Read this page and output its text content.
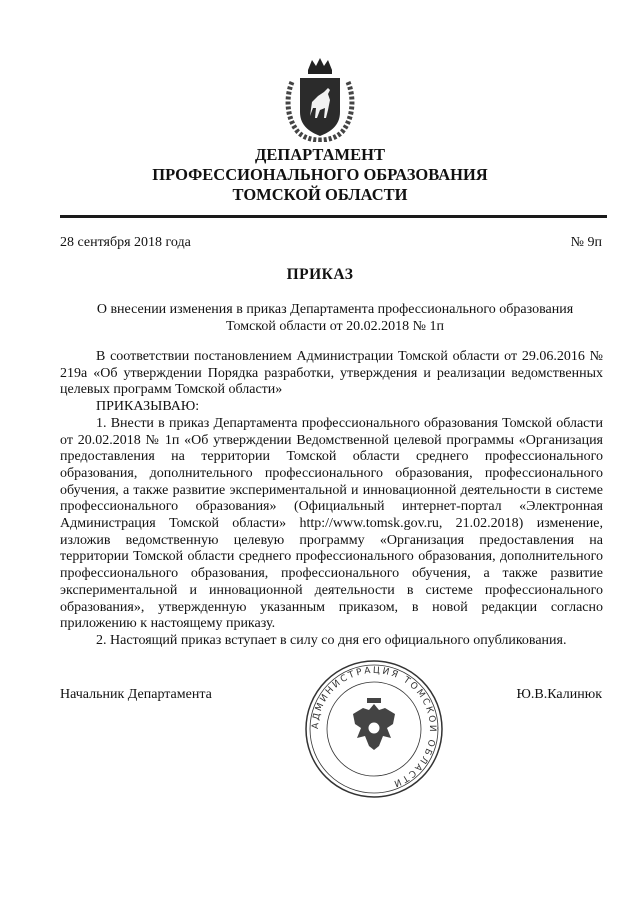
ДЕПАРТАМЕНТ
ПРОФЕССИОНАЛЬНОГО ОБРАЗОВАНИЯ
ТОМСКОЙ ОБЛАСТИ
28 сентября 2018 года	№ 9п
ПРИКАЗ
О внесении изменения в приказ Департамента профессионального образования
Томской области от 20.02.2018 № 1п

В соответствии постановлением Администрации Томской области от 29.06.2016 № 219а «Об утверждении Порядка разработки, утверждения и реализации ведомственных целевых программ Томской области»

ПРИКАЗЫВАЮ:

1. Внести в приказ Департамента профессионального образования Томской области от 20.02.2018 № 1п «Об утверждении Ведомственной целевой программы «Организация предоставления на территории Томской области среднего профессионального образования, дополнительного профессионального образования, профессионального обучения, а также развитие экспериментальной и инновационной деятельности в системе профессионального образования» (Официальный интернет-портал «Электронная Администрация Томской области» http://www.tomsk.gov.ru, 21.02.2018) изменение, изложив ведомственную целевую программу «Организация предоставления на территории Томской области среднего профессионального образования, дополнительного профессионального образования, профессионального обучения, а также развитие экспериментальной и инновационной деятельности в системе профессионального образования», утвержденную указанным приказом, в новой редакции согласно приложению к настоящему приказу.

2. Настоящий приказ вступает в силу со дня его официального опубликования.

Начальник Департамента	Ю.В.Калинюк
АДМИНИСТРАЦИЯ ТОМСКОЙ ОБЛАСТИ
